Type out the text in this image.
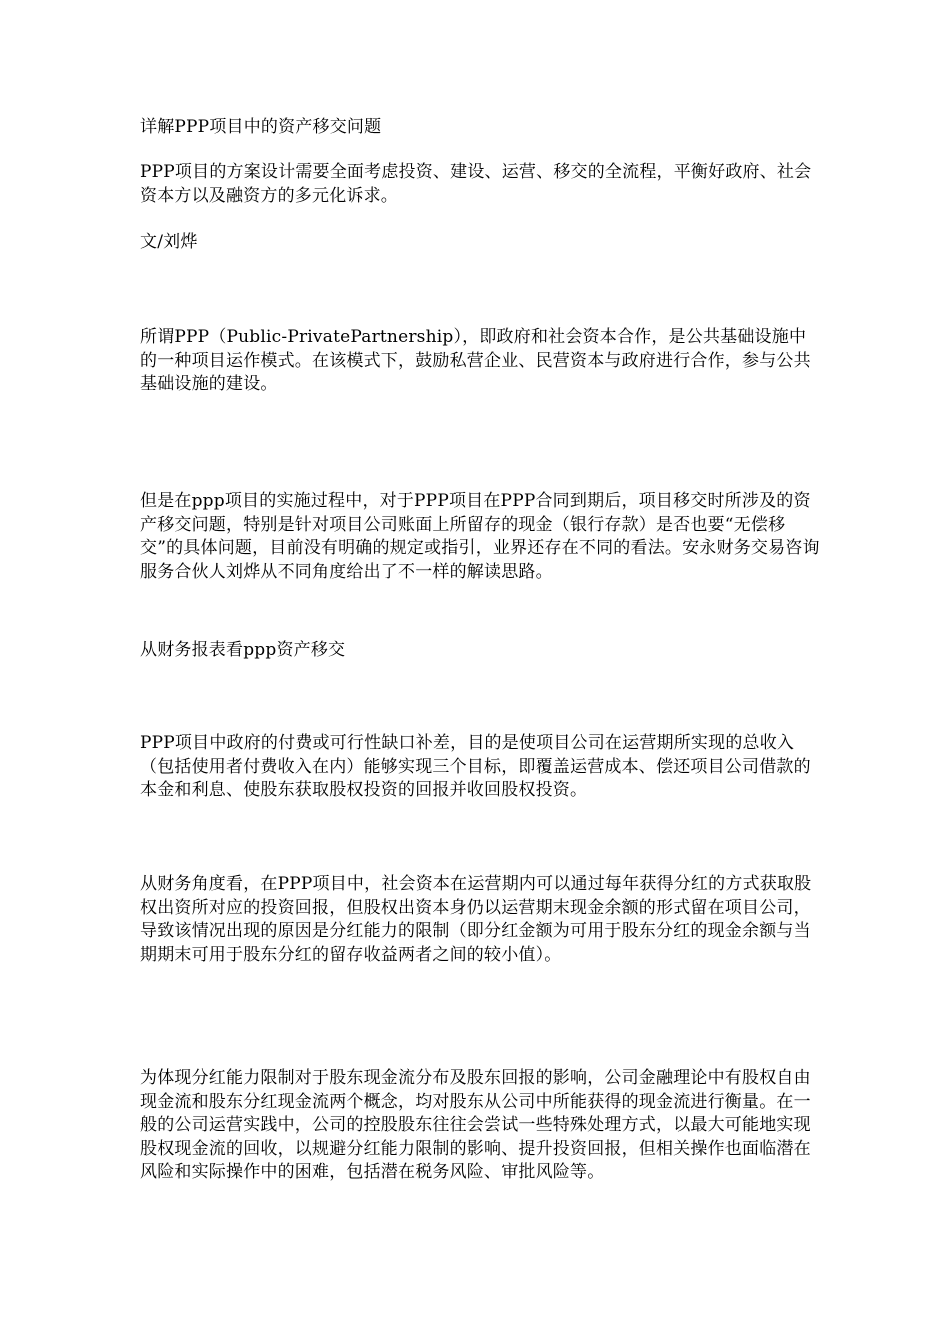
详解PPP项目中的资产移交问题

PPP项目的方案设计需要全面考虑投资、建设、运营、移交的全流程，平衡好政府、社会资本方以及融资方的多元化诉求。

文/刘烨

所谓PPP（Public-PrivatePartnership），即政府和社会资本合作，是公共基础设施中的一种项目运作模式。在该模式下，鼓励私营企业、民营资本与政府进行合作，参与公共基础设施的建设。

但是在ppp项目的实施过程中，对于PPP项目在PPP合同到期后，项目移交时所涉及的资产移交问题，特别是针对项目公司账面上所留存的现金（银行存款）是否也要“无偿移交”的具体问题，目前没有明确的规定或指引，业界还存在不同的看法。安永财务交易咨询服务合伙人刘烨从不同角度给出了不一样的解读思路。

从财务报表看ppp资产移交

PPP项目中政府的付费或可行性缺口补差，目的是使项目公司在运营期所实现的总收入（包括使用者付费收入在内）能够实现三个目标，即覆盖运营成本、偿还项目公司借款的本金和利息、使股东获取股权投资的回报并收回股权投资。

从财务角度看，在PPP项目中，社会资本在运营期内可以通过每年获得分红的方式获取股权出资所对应的投资回报，但股权出资本身仍以运营期末现金余额的形式留在项目公司，导致该情况出现的原因是分红能力的限制（即分红金额为可用于股东分红的现金余额与当期期末可用于股东分红的留存收益两者之间的较小值）。

为体现分红能力限制对于股东现金流分布及股东回报的影响，公司金融理论中有股权自由现金流和股东分红现金流两个概念，均对股东从公司中所能获得的现金流进行衡量。在一般的公司运营实践中，公司的控股股东往往会尝试一些特殊处理方式，以最大可能地实现股权现金流的回收，以规避分红能力限制的影响、提升投资回报，但相关操作也面临潜在风险和实际操作中的困难，包括潜在税务风险、审批风险等。
